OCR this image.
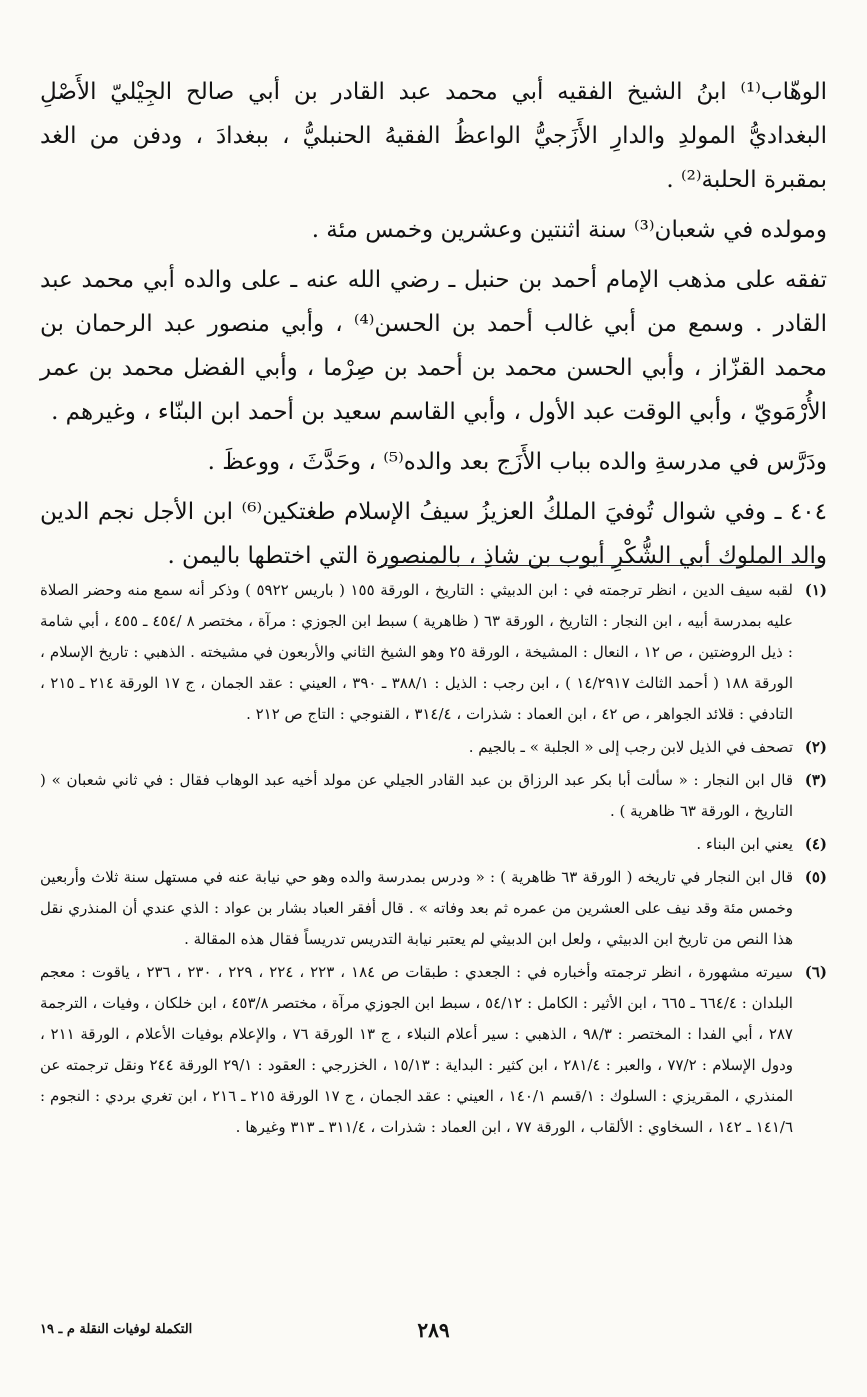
الوهّاب⁽¹⁾ ابنُ الشيخ الفقيه أبي محمد عبد القادر بن أبي صالح الجِيْليّ الأَصْلِ البغداديُّ المولدِ والدارِ الأَزَجيُّ الواعظُ الفقيهُ الحنبليُّ ، ببغدادَ ، ودفن من الغد بمقبرة الحلبة⁽²⁾ .

ومولده في شعبان⁽³⁾ سنة اثنتين وعشرين وخمس مئة .

تفقه على مذهب الإمام أحمد بن حنبل ـ رضي الله عنه ـ على والده أبي محمد عبد القادر . وسمع من أبي غالب أحمد بن الحسن⁽⁴⁾ ، وأبي منصور عبد الرحمان بن محمد القزّاز ، وأبي الحسن محمد بن أحمد بن صِرْما ، وأبي الفضل محمد بن عمر الأُرْمَويّ ، وأبي الوقت عبد الأول ، وأبي القاسم سعيد بن أحمد ابن البنّاء ، وغيرهم .

ودَرَّس في مدرسةِ والده بباب الأَزَج بعد والده⁽⁵⁾ ، وحَدَّثَ ، ووعظَ .

٤٠٤ ـ وفي شوال تُوفيَ الملكُ العزيزُ سيفُ الإسلام طغتكين⁽⁶⁾ ابن الأجل نجم الدين والد الملوك أبي الشُّكْرِ أيوب بن شاذِ ، بالمنصورة التي اختطها باليمن .

(١)
لقبه سيف الدين ، انظر ترجمته في : ابن الدبيثي : التاريخ ، الورقة ١٥٥ ( باريس ٥٩٢٢ ) وذكر أنه سمع منه وحضر الصلاة عليه بمدرسة أبيه ، ابن النجار : التاريخ ، الورقة ٦٣ ( ظاهرية ) سبط ابن الجوزي : مرآة ، مختصر ٨ /٤٥٤ ـ ٤٥٥ ، أبي شامة : ذيل الروضتين ، ص ١٢ ، النعال : المشيخة ، الورقة ٢٥ وهو الشيخ الثاني والأربعون في مشيخته . الذهبي : تاريخ الإسلام ، الورقة ١٨٨ ( أحمد الثالث ١٤/٢٩١٧ ) ، ابن رجب : الذيل : ٣٨٨/١ ـ ٣٩٠ ، العيني : عقد الجمان ، ج ١٧ الورقة ٢١٤ ـ ٢١٥ ، التادفي : قلائد الجواهر ، ص ٤٢ ، ابن العماد : شذرات ، ٣١٤/٤ ، القنوجي : التاج ص ٢١٢ .
(٢)
تصحف في الذيل لابن رجب إلى « الجلبة » ـ بالجيم .
(٣)
قال ابن النجار : « سألت أبا بكر عبد الرزاق بن عبد القادر الجيلي عن مولد أخيه عبد الوهاب فقال : في ثاني شعبان » ( التاريخ ، الورقة ٦٣ ظاهرية ) .
(٤)
يعني ابن البناء .
(٥)
قال ابن النجار في تاريخه ( الورقة ٦٣ ظاهرية ) : « ودرس بمدرسة والده وهو حي نيابة عنه في مستهل سنة ثلاث وأربعين وخمس مئة وقد نيف على العشرين من عمره ثم بعد وفاته » . قال أفقر العباد بشار بن عواد : الذي عندي أن المنذري نقل هذا النص من تاريخ ابن الدبيثي ، ولعل ابن الدبيثي لم يعتبر نيابة التدريس تدريساً فقال هذه المقالة .
(٦)
سيرته مشهورة ، انظر ترجمته وأخباره في : الجعدي : طبقات ص ١٨٤ ، ٢٢٣ ، ٢٢٤ ، ٢٢٩ ، ٢٣٠ ، ٢٣٦ ، ياقوت : معجم البلدان : ٦٦٤/٤ ـ ٦٦٥ ، ابن الأثير : الكامل : ٥٤/١٢ ، سبط ابن الجوزي مرآة ، مختصر ٤٥٣/٨ ، ابن خلكان ، وفيات ، الترجمة ٢٨٧ ، أبي الفدا : المختصر : ٩٨/٣ ، الذهبي : سير أعلام النبلاء ، ج ١٣ الورقة ٧٦ ، والإعلام بوفيات الأعلام ، الورقة ٢١١ ، ودول الإسلام : ٧٧/٢ ، والعبر : ٢٨١/٤ ، ابن كثير : البداية : ١٥/١٣ ، الخزرجي : العقود : ٢٩/١ الورقة ٢٤٤ ونقل ترجمته عن المنذري ، المقريزي : السلوك : ١/قسم ١٤٠/١ ، العيني : عقد الجمان ، ج ١٧ الورقة ٢١٥ ـ ٢١٦ ، ابن تغري بردي : النجوم : ١٤١/٦ ـ ١٤٢ ، السخاوي : الألقاب ، الورقة ٧٧ ، ابن العماد : شذرات ، ٣١١/٤ ـ ٣١٣ وغيرها .
٢٨٩
التكملة لوفيات النقلة م ـ ١٩
